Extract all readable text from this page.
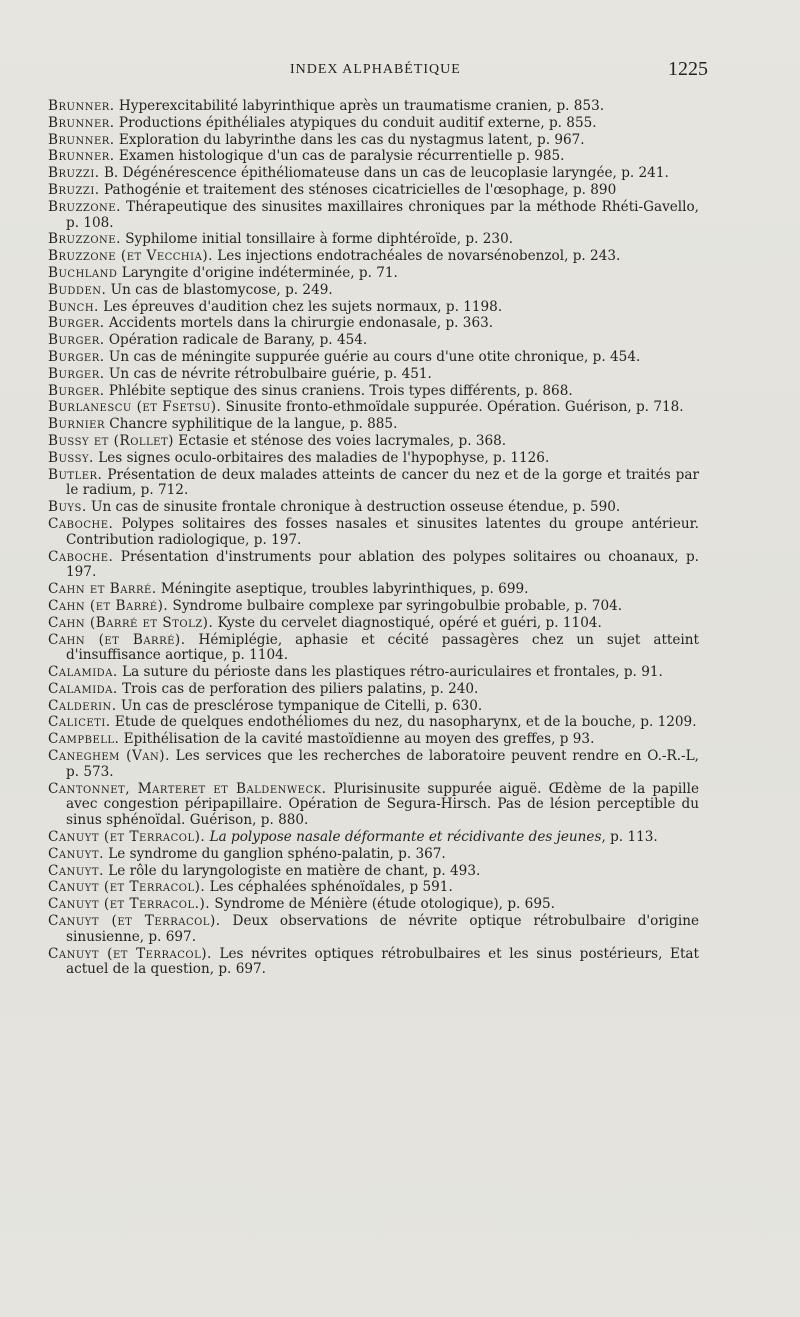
INDEX ALPHABÉTIQUE	1225
Brunner. Hyperexcitabilité labyrinthique après un traumatisme cranien, p. 853.
Brunner. Productions épithéliales atypiques du conduit auditif externe, p. 855.
Brunner. Exploration du labyrinthe dans les cas du nystagmus latent, p. 967.
Brunner. Examen histologique d'un cas de paralysie récurrentielle p. 985.
Bruzzi. B. Dégénérescence épithéliomateuse dans un cas de leucoplasie laryngée, p. 241.
Bruzzi. Pathogénie et traitement des sténoses cicatricielles de l'œsophage, p. 890
Bruzzone. Thérapeutique des sinusites maxillaires chroniques par la méthode Rhéti-Gavello, p. 108.
Bruzzone. Syphilome initial tonsillaire à forme diphtéroïde, p. 230.
Bruzzone (et Vecchia). Les injections endotrachéales de novarsénobenzol, p. 243.
Buchland Laryngite d'origine indéterminée, p. 71.
Budden. Un cas de blastomycose, p. 249.
Bunch. Les épreuves d'audition chez les sujets normaux, p. 1198.
Burger. Accidents mortels dans la chirurgie endonasale, p. 363.
Burger. Opération radicale de Barany, p. 454.
Burger. Un cas de méningite suppurée guérie au cours d'une otite chronique, p. 454.
Burger. Un cas de névrite rétrobulbaire guérie, p. 451.
Burger. Phlébite septique des sinus craniens. Trois types différents, p. 868.
Burlanescu (et Fsetsu). Sinusite fronto-ethmoïdale suppurée. Opération. Guérison, p. 718.
Burnier Chancre syphilitique de la langue, p. 885.
Bussy et (Rollet) Ectasie et sténose des voies lacrymales, p. 368.
Bussy. Les signes oculo-orbitaires des maladies de l'hypophyse, p. 1126.
Butler. Présentation de deux malades atteints de cancer du nez et de la gorge et traités par le radium, p. 712.
Buys. Un cas de sinusite frontale chronique à destruction osseuse étendue, p. 590.
Caboche. Polypes solitaires des fosses nasales et sinusites latentes du groupe antérieur. Contribution radiologique, p. 197.
Caboche. Présentation d'instruments pour ablation des polypes solitaires ou choanaux, p. 197.
Cahn et Barré. Méningite aseptique, troubles labyrinthiques, p. 699.
Cahn (et Barré). Syndrome bulbaire complexe par syringobulbie probable, p. 704.
Cahn (Barré et Stolz). Kyste du cervelet diagnostiqué, opéré et guéri, p. 1104.
Cahn (et Barré). Hémiplégie, aphasie et cécité passagères chez un sujet atteint d'insuffisance aortique, p. 1104.
Calamida. La suture du périoste dans les plastiques rétro-auriculaires et frontales, p. 91.
Calamida. Trois cas de perforation des piliers palatins, p. 240.
Calderin. Un cas de presclérose tympanique de Citelli, p. 630.
Caliceti. Etude de quelques endothéliomes du nez, du nasopharynx, et de la bouche, p. 1209.
Campbell. Epithélisation de la cavité mastoïdienne au moyen des greffes, p 93.
Caneghem (Van). Les services que les recherches de laboratoire peuvent rendre en O.-R.-L, p. 573.
Cantonnet, Marteret et Baldenweck. Plurisinusite suppurée aiguë. Œdème de la papille avec congestion péripapillaire. Opération de Segura-Hirsch. Pas de lésion perceptible du sinus sphénoïdal. Guérison, p. 880.
Canuyt (et Terracol). La polypose nasale déformante et récidivante des jeunes, p. 113.
Canuyt. Le syndrome du ganglion sphéno-palatin, p. 367.
Canuyt. Le rôle du laryngologiste en matière de chant, p. 493.
Canuyt (et Terracol). Les céphalées sphénoïdales, p 591.
Canuyt (et Terracol.). Syndrome de Ménière (étude otologique), p. 695.
Canuyt (et Terracol). Deux observations de névrite optique rétrobulbaire d'origine sinusienne, p. 697.
Canuyt (et Terracol). Les névrites optiques rétrobulbaires et les sinus postérieurs, Etat actuel de la question, p. 697.
